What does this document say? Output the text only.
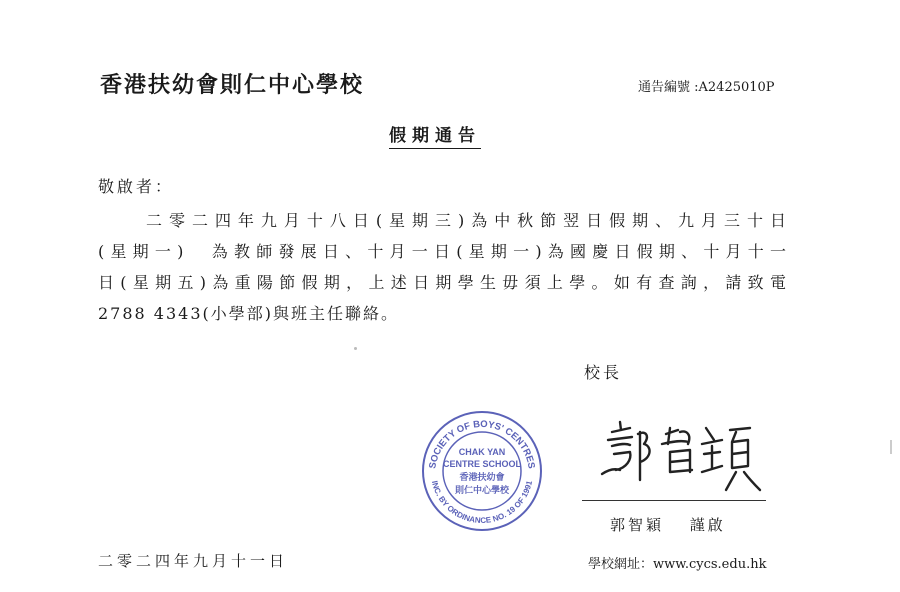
香港扶幼會則仁中心學校	通告編號 :A2425010P
假期通告
敬啟者：

二零二四年九月十八日(星期三)為中秋節翌日假期、九月三十日

(星期一)　為教師發展日、十月一日(星期一)為國慶日假期、十月十一

日(星期五)為重陽節假期，上述日期學生毋須上學。如有查詢，請致電

2788 4343(小學部)與班主任聯絡。

校長
SOCIETY OF BOYS' CENTRES
INC. BY ORDINANCE NO. 19 OF 1991
CHAK YAN
CENTRE SCHOOL
香港扶幼會
則仁中心學校
郭智穎　 謹啟
二零二四年九月十一日	學校網址：www.cycs.edu.hk
